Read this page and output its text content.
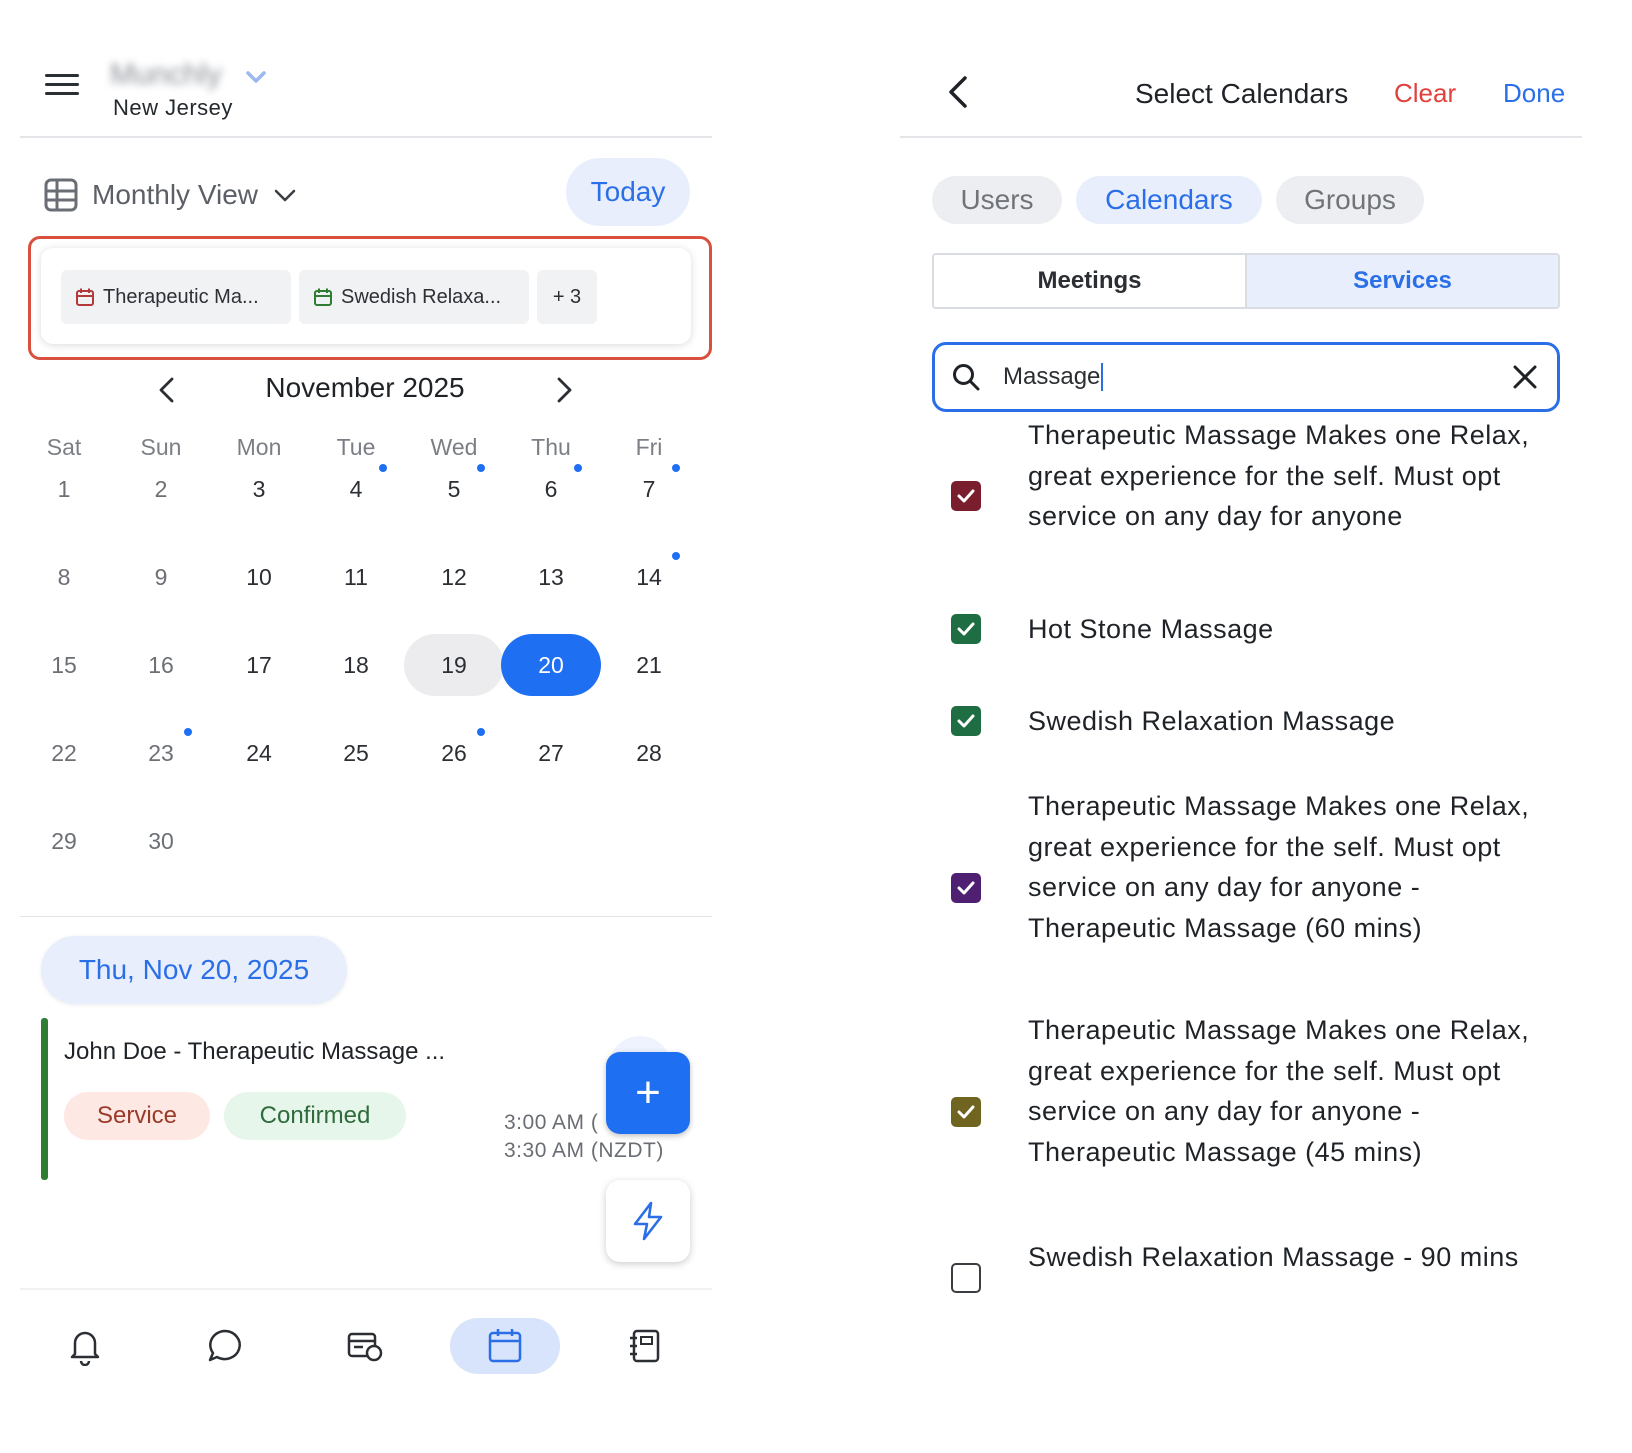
Munchly
New Jersey
Monthly View	Today
Therapeutic Ma...	Swedish Relaxa...	+ 3
November 2025
Sat	Sun	Mon	Tue	Wed	Thu	Fri
1	2	3	4	5	6	7
8	9	10	11	12	13	14
15	16	17	18	19	20	21
22	23	24	25	26	27	28
29	30
Thu, Nov 20, 2025
John Doe - Therapeutic Massage ...
Service	Confirmed	3:00 AM (
3:30 AM (NZDT)
+
Select Calendars Clear Done
Users	Calendars	Groups
Meetings	Services
Massage
Therapeutic Massage Makes one Relax, great experience for the self. Must opt service on any day for anyone
Hot Stone Massage
Swedish Relaxation Massage
Therapeutic Massage Makes one Relax, great experience for the self. Must opt service on any day for anyone - Therapeutic Massage (60 mins)
Therapeutic Massage Makes one Relax, great experience for the self. Must opt service on any day for anyone - Therapeutic Massage (45 mins)
Swedish Relaxation Massage - 90 mins
